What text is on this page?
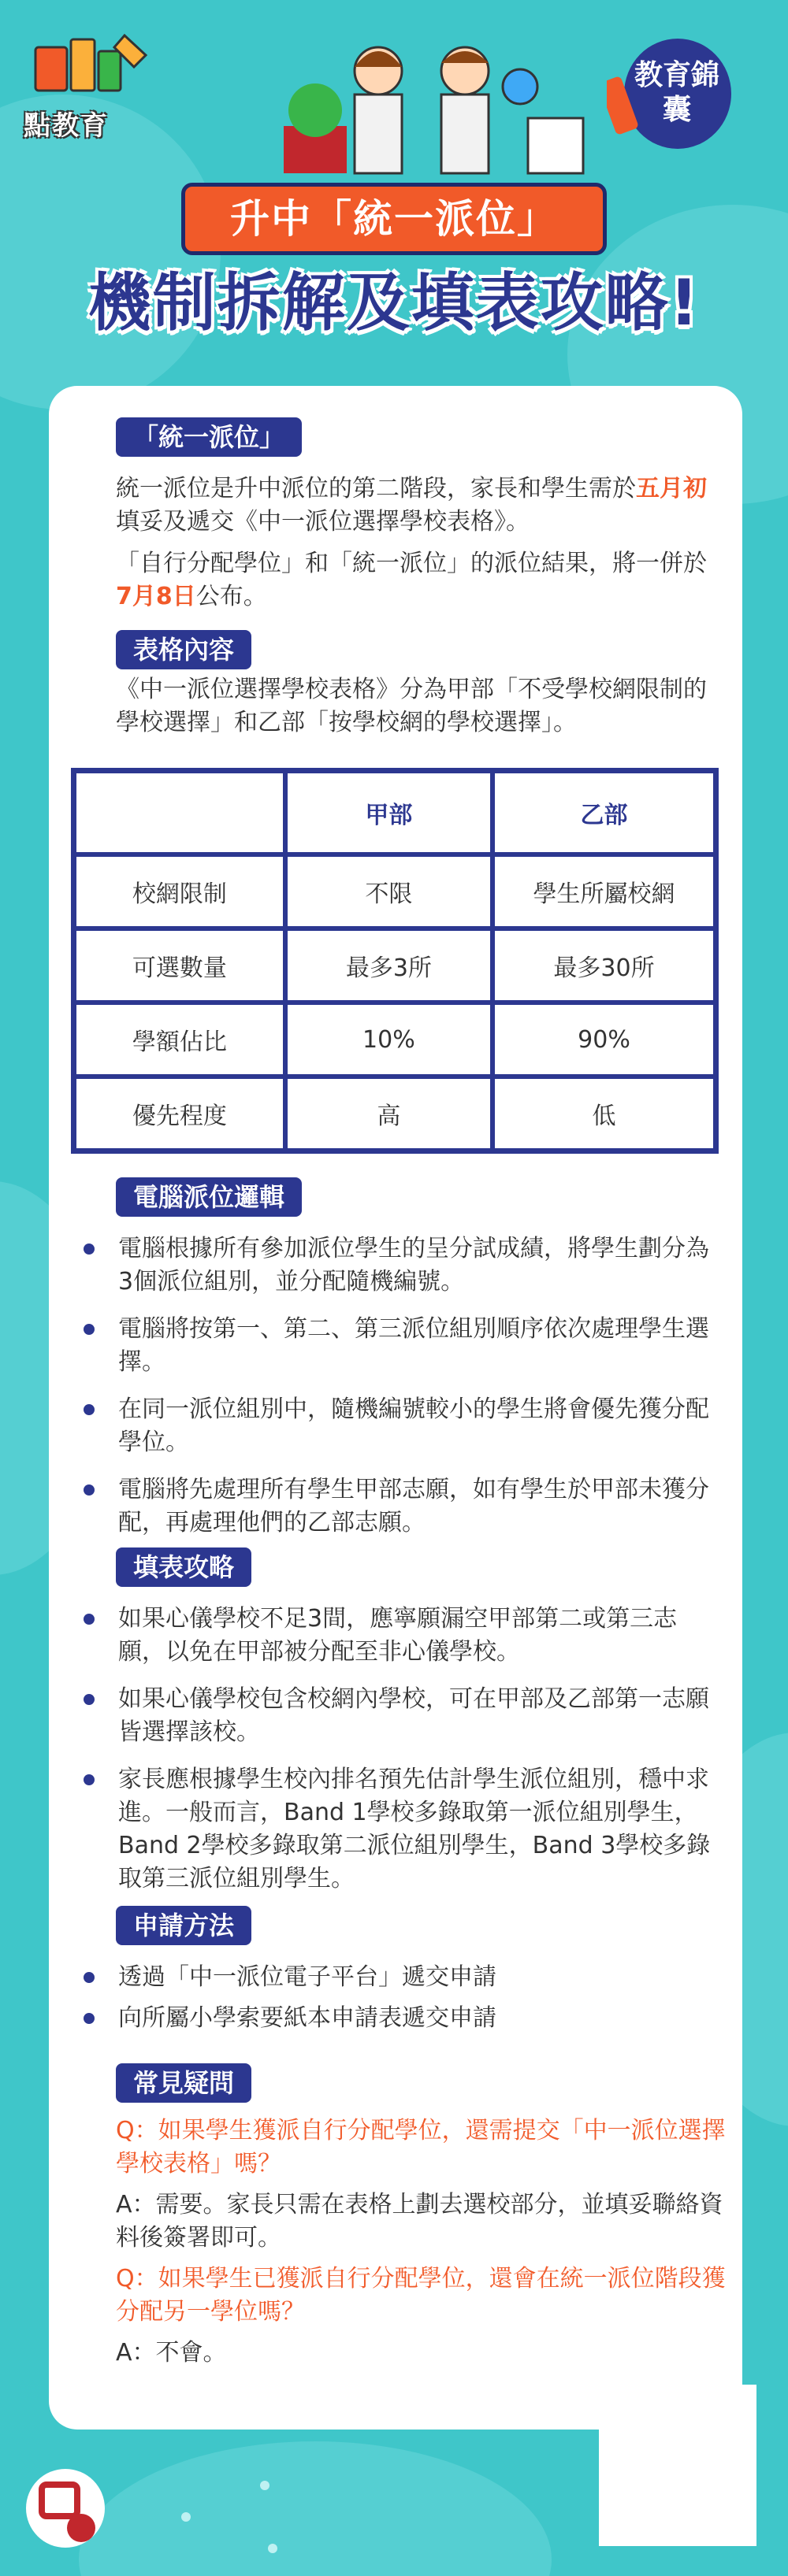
點教育
教育錦囊
升中「統一派位」
機制拆解及填表攻略!
「統一派位」
統一派位是升中派位的第二階段，家長和學生需於五月初填妥及遞交《中一派位選擇學校表格》。
「自行分配學位」和「統一派位」的派位結果，將一併於7月8日公布。
表格內容
《中一派位選擇學校表格》分為甲部「不受學校網限制的學校選擇」和乙部「按學校網的學校選擇」。
	甲部	乙部
校網限制	不限	學生所屬校網
可選數量	最多3所	最多30所
學額佔比	10%	90%
優先程度	高	低
電腦派位邏輯
電腦根據所有參加派位學生的呈分試成績，將學生劃分為3個派位組別，並分配隨機編號。
電腦將按第一、第二、第三派位組別順序依次處理學生選擇。
在同一派位組別中，隨機編號較小的學生將會優先獲分配學位。
電腦將先處理所有學生甲部志願，如有學生於甲部未獲分配，再處理他們的乙部志願。
填表攻略
如果心儀學校不足3間，應寧願漏空甲部第二或第三志願，以免在甲部被分配至非心儀學校。
如果心儀學校包含校網內學校，可在甲部及乙部第一志願皆選擇該校。
家長應根據學生校內排名預先估計學生派位組別，穩中求進。一般而言，Band 1學校多錄取第一派位組別學生，Band 2學校多錄取第二派位組別學生，Band 3學校多錄取第三派位組別學生。
申請方法
透過「中一派位電子平台」遞交申請
向所屬小學索要紙本申請表遞交申請
常見疑問
Q：如果學生獲派自行分配學位，還需提交「中一派位選擇學校表格」嗎？
A：需要。家長只需在表格上劃去選校部分，並填妥聯絡資料後簽署即可。
Q：如果學生已獲派自行分配學位，還會在統一派位階段獲分配另一學位嗎？
A：不會。
